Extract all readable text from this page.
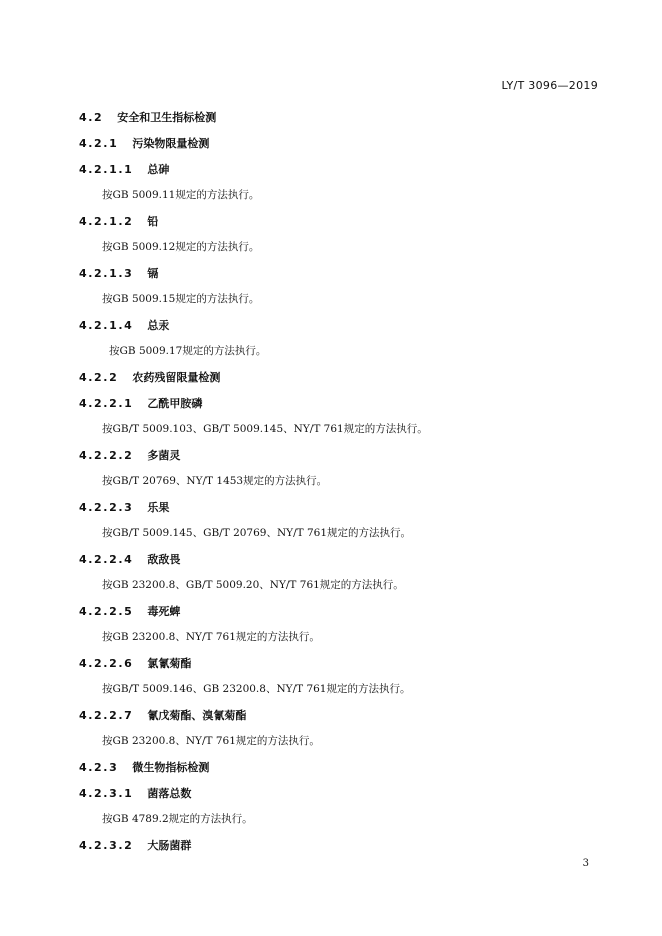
LY/T 3096—2019
4.2 安全和卫生指标检测
4.2.1 污染物限量检测
4.2.1.1 总砷
按GB 5009.11规定的方法执行。
4.2.1.2 铅
按GB 5009.12规定的方法执行。
4.2.1.3 镉
按GB 5009.15规定的方法执行。
4.2.1.4 总汞
按GB 5009.17规定的方法执行。
4.2.2 农药残留限量检测
4.2.2.1 乙酰甲胺磷
按GB/T 5009.103、GB/T 5009.145、NY/T 761规定的方法执行。
4.2.2.2 多菌灵
按GB/T 20769、NY/T 1453规定的方法执行。
4.2.2.3 乐果
按GB/T 5009.145、GB/T 20769、NY/T 761规定的方法执行。
4.2.2.4 敌敌畏
按GB 23200.8、GB/T 5009.20、NY/T 761规定的方法执行。
4.2.2.5 毒死蜱
按GB 23200.8、NY/T 761规定的方法执行。
4.2.2.6 氯氰菊酯
按GB/T 5009.146、GB 23200.8、NY/T 761规定的方法执行。
4.2.2.7 氰戊菊酯、溴氰菊酯
按GB 23200.8、NY/T 761规定的方法执行。
4.2.3 微生物指标检测
4.2.3.1 菌落总数
按GB 4789.2规定的方法执行。
4.2.3.2 大肠菌群
3
